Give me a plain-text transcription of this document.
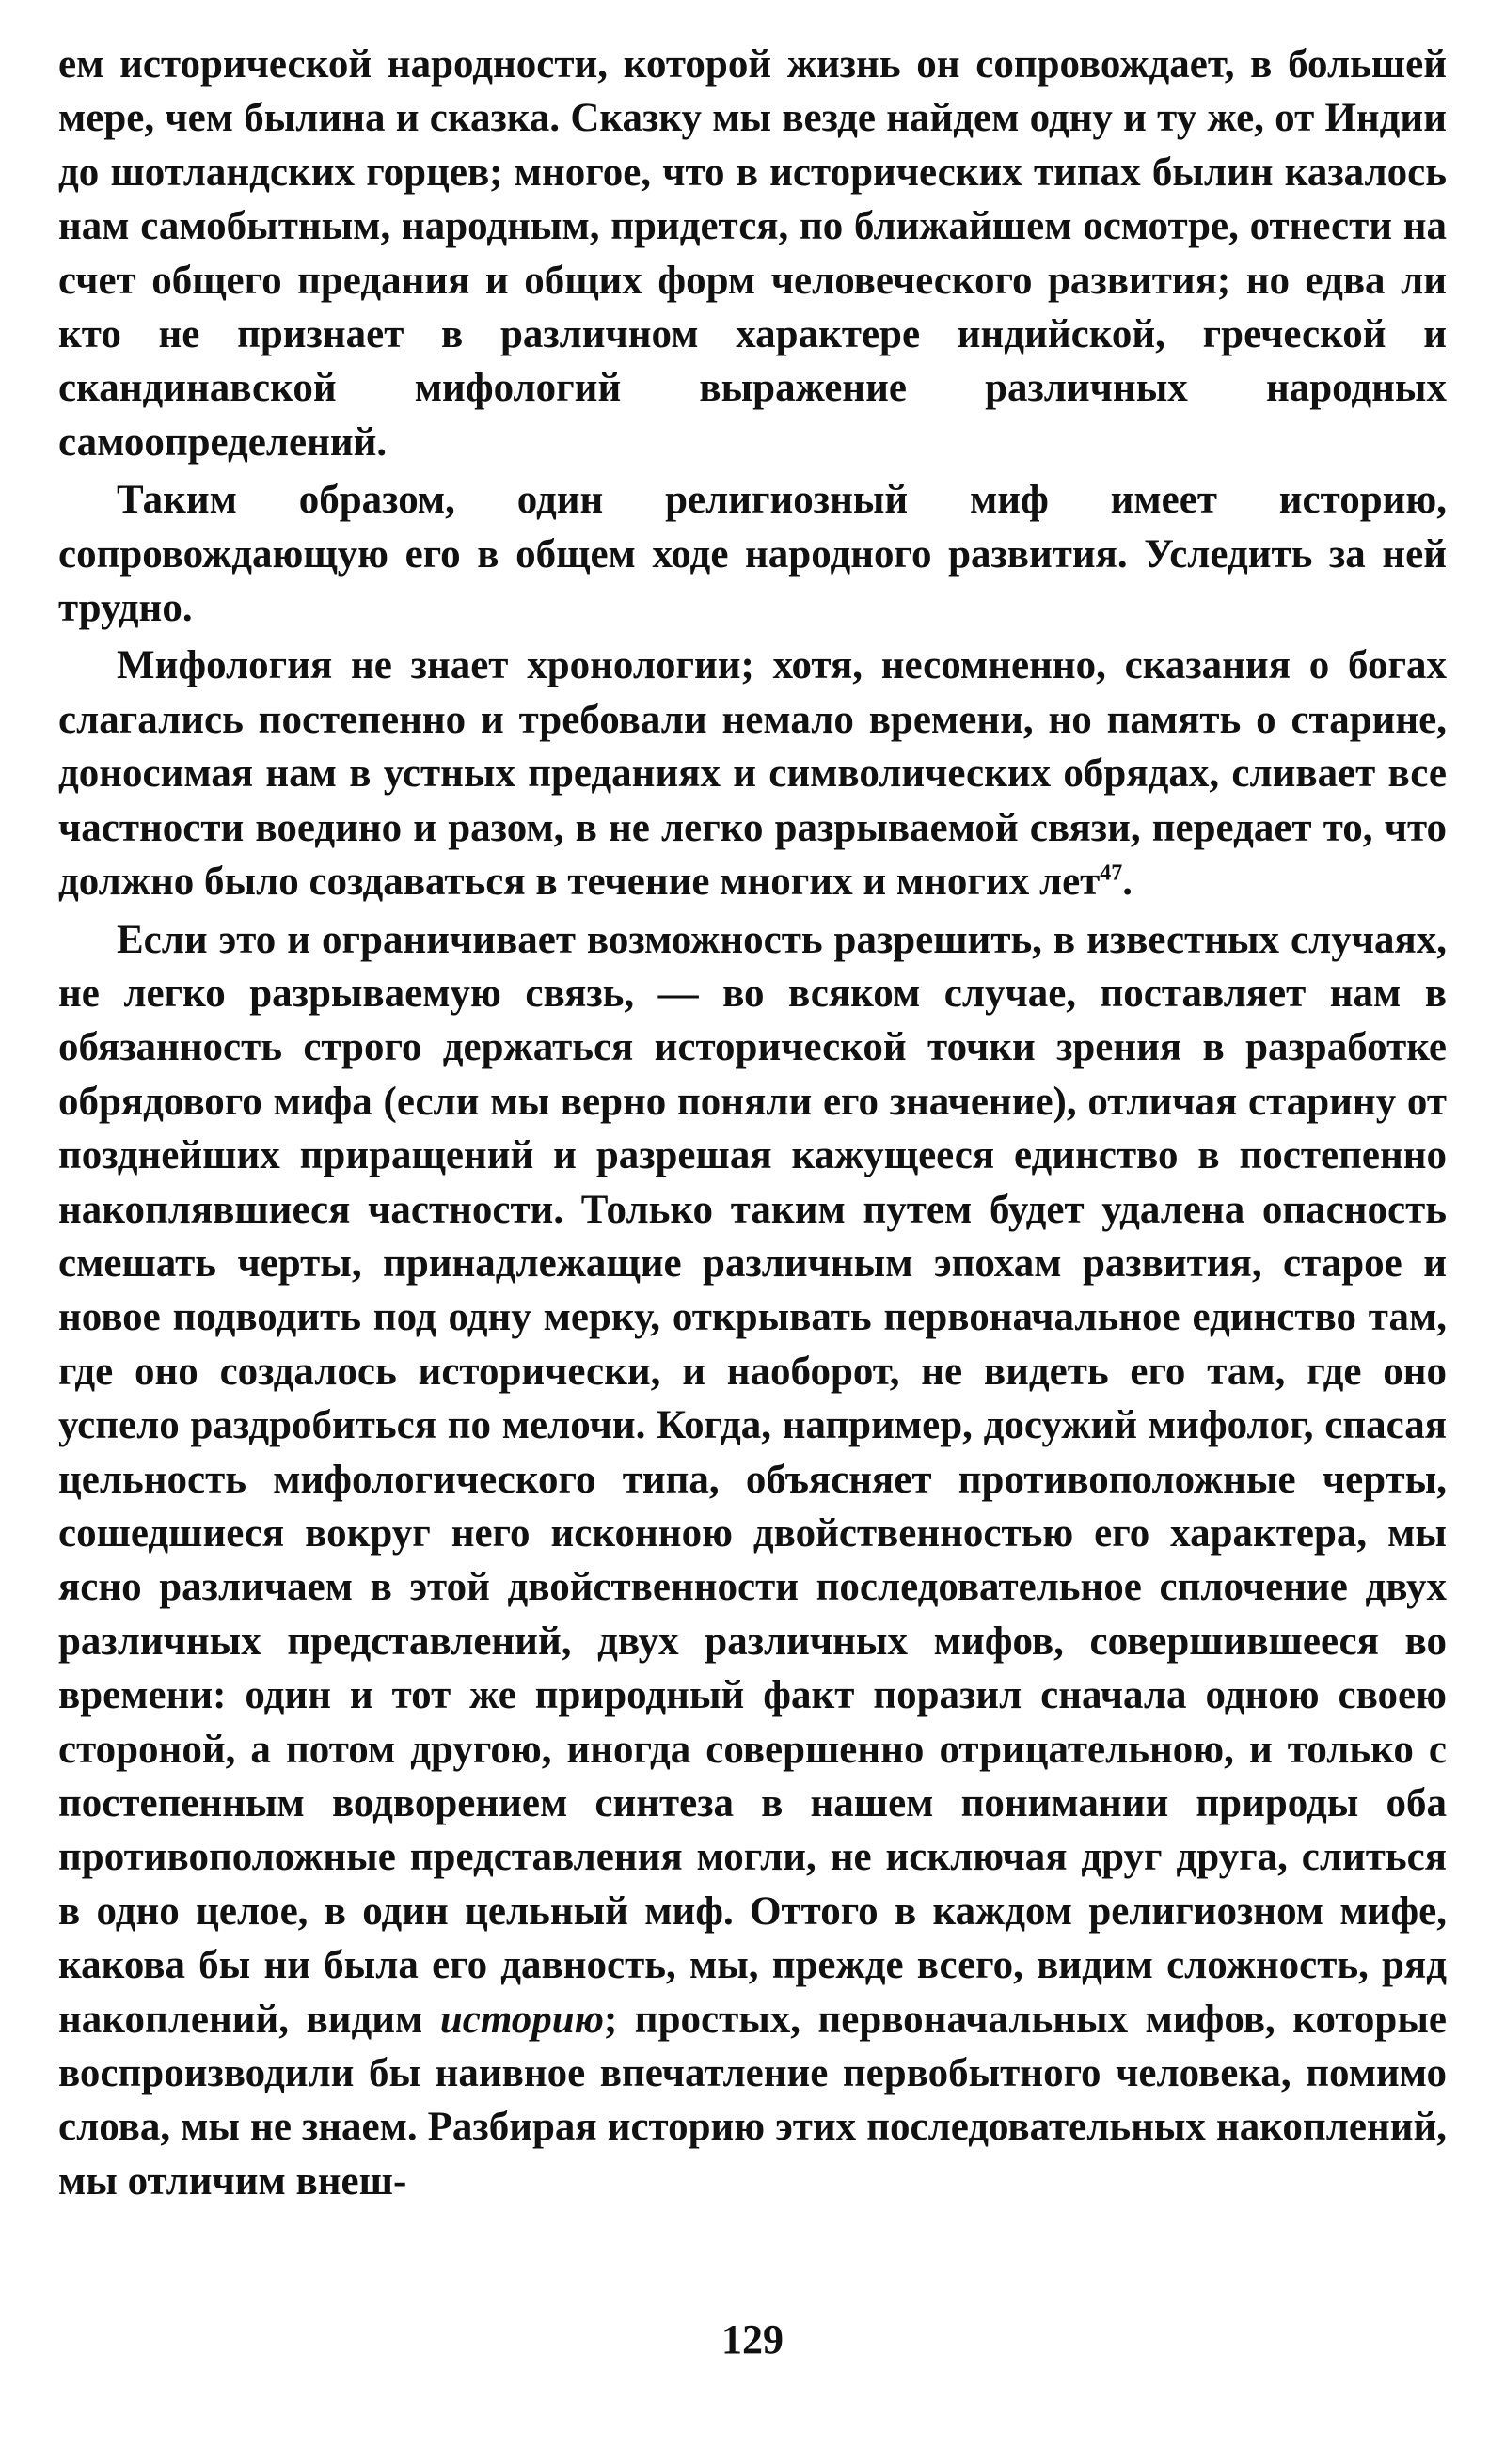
ем исторической народности, которой жизнь он сопровождает, в большей мере, чем былина и сказка. Сказку мы везде найдем одну и ту же, от Индии до шотландских горцев; многое, что в исторических типах былин казалось нам самобытным, народным, придется, по ближайшем осмотре, отнести на счет общего предания и общих форм человеческого развития; но едва ли кто не признает в различном характере индийской, греческой и скандинавской мифологий выражение различных народных самоопределений.

Таким образом, один религиозный миф имеет историю, сопровождающую его в общем ходе народного развития. Уследить за ней трудно.

Мифология не знает хронологии; хотя, несомненно, сказания о богах слагались постепенно и требовали немало времени, но память о старине, доносимая нам в устных преданиях и символических обрядах, сливает все частности воедино и разом, в не легко разрываемой связи, передает то, что должно было создаваться в течение многих и многих лет$^{47}$.

Если это и ограничивает возможность разрешить, в известных случаях, не легко разрываемую связь, — во всяком случае, поставляет нам в обязанность строго держаться исторической точки зрения в разработке обрядового мифа (если мы верно поняли его значение), отличая старину от позднейших приращений и разрешая кажущееся единство в постепенно накоплявшиеся частности. Только таким путем будет удалена опасность смешать черты, принадлежащие различным эпохам развития, старое и новое подводить под одну мерку, открывать первоначальное единство там, где оно создалось исторически, и наоборот, не видеть его там, где оно успело раздробиться по мелочи. Когда, например, досужий мифолог, спасая цельность мифологического типа, объясняет противоположные черты, сошедшиеся вокруг него исконною двойственностью его характера, мы ясно различаем в этой двойственности последовательное сплочение двух различных представлений, двух различных мифов, совершившееся во времени: один и тот же природный факт поразил сначала одною своею стороной, а потом другою, иногда совершенно отрицательною, и только с постепенным водворением синтеза в нашем понимании природы оба противоположные представления могли, не исключая друг друга, слиться в одно целое, в один цельный миф. Оттого в каждом религиозном мифе, какова бы ни была его давность, мы, прежде всего, видим сложность, ряд накоплений, видим историю; простых, первоначальных мифов, которые воспроизводили бы наивное впечатление первобытного человека, помимо слова, мы не знаем. Разбирая историю этих последовательных накоплений, мы отличим внеш-

129
